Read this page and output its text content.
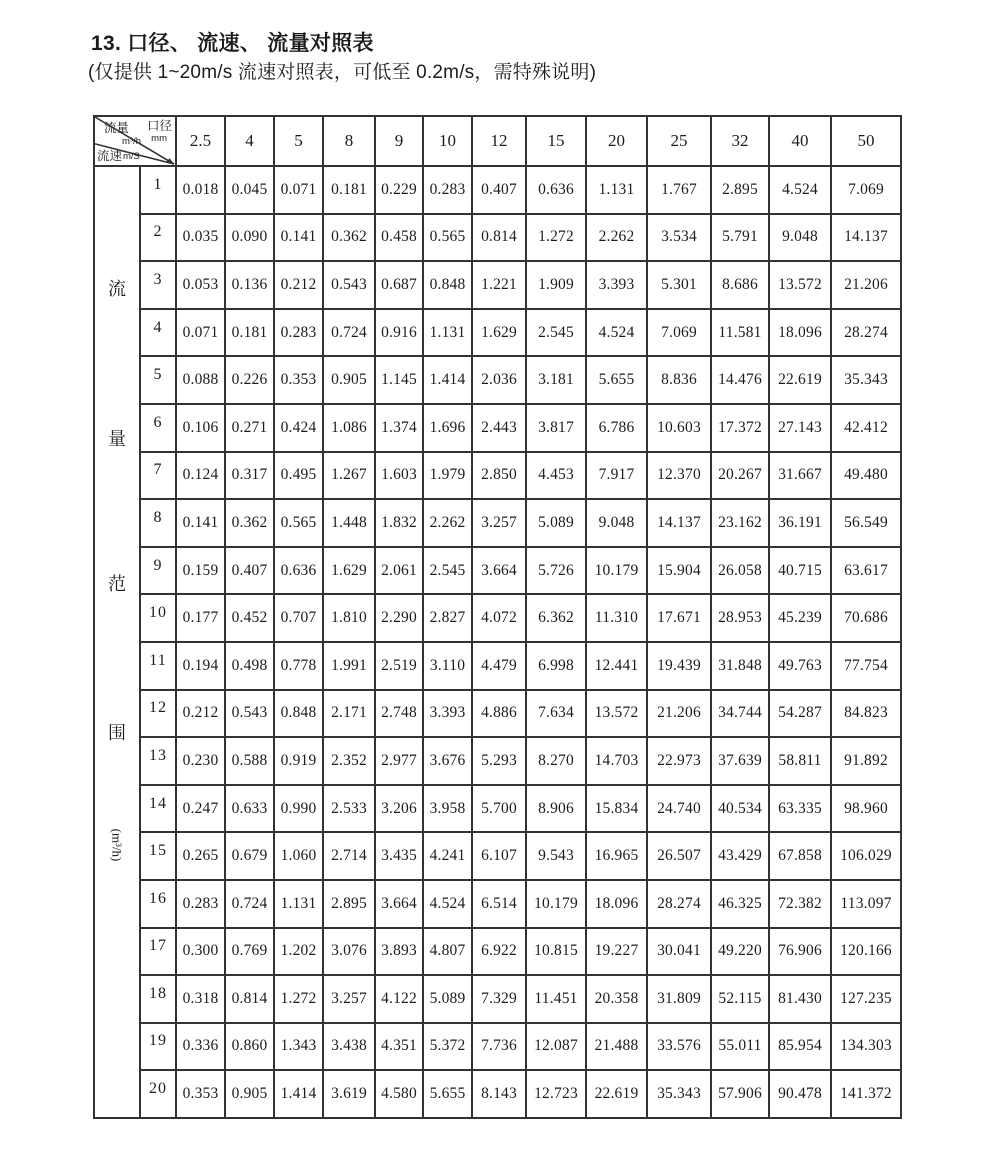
13. 口径、 流速、 流量对照表
(仅提供 1~20m/s 流速对照表，可低至 0.2m/s，需特殊说明)
流量
m³/h
口径
mm
流速 m/S
	2.5	4	5	8	9	10	12	15	20	25	32	40	50

流
量
范
围
(m³/h)	1	0.018	0.045	0.071	0.181	0.229	0.283	0.407	0.636	1.131	1.767	2.895	4.524	7.069
	2	0.035	0.090	0.141	0.362	0.458	0.565	0.814	1.272	2.262	3.534	5.791	9.048	14.137
	3	0.053	0.136	0.212	0.543	0.687	0.848	1.221	1.909	3.393	5.301	8.686	13.572	21.206
	4	0.071	0.181	0.283	0.724	0.916	1.131	1.629	2.545	4.524	7.069	11.581	18.096	28.274
	5	0.088	0.226	0.353	0.905	1.145	1.414	2.036	3.181	5.655	8.836	14.476	22.619	35.343
	6	0.106	0.271	0.424	1.086	1.374	1.696	2.443	3.817	6.786	10.603	17.372	27.143	42.412
	7	0.124	0.317	0.495	1.267	1.603	1.979	2.850	4.453	7.917	12.370	20.267	31.667	49.480
	8	0.141	0.362	0.565	1.448	1.832	2.262	3.257	5.089	9.048	14.137	23.162	36.191	56.549
	9	0.159	0.407	0.636	1.629	2.061	2.545	3.664	5.726	10.179	15.904	26.058	40.715	63.617
	10	0.177	0.452	0.707	1.810	2.290	2.827	4.072	6.362	11.310	17.671	28.953	45.239	70.686
	11	0.194	0.498	0.778	1.991	2.519	3.110	4.479	6.998	12.441	19.439	31.848	49.763	77.754
	12	0.212	0.543	0.848	2.171	2.748	3.393	4.886	7.634	13.572	21.206	34.744	54.287	84.823
	13	0.230	0.588	0.919	2.352	2.977	3.676	5.293	8.270	14.703	22.973	37.639	58.811	91.892
	14	0.247	0.633	0.990	2.533	3.206	3.958	5.700	8.906	15.834	24.740	40.534	63.335	98.960
	15	0.265	0.679	1.060	2.714	3.435	4.241	6.107	9.543	16.965	26.507	43.429	67.858	106.029
	16	0.283	0.724	1.131	2.895	3.664	4.524	6.514	10.179	18.096	28.274	46.325	72.382	113.097
	17	0.300	0.769	1.202	3.076	3.893	4.807	6.922	10.815	19.227	30.041	49.220	76.906	120.166
	18	0.318	0.814	1.272	3.257	4.122	5.089	7.329	11.451	20.358	31.809	52.115	81.430	127.235
	19	0.336	0.860	1.343	3.438	4.351	5.372	7.736	12.087	21.488	33.576	55.011	85.954	134.303
	20	0.353	0.905	1.414	3.619	4.580	5.655	8.143	12.723	22.619	35.343	57.906	90.478	141.372
